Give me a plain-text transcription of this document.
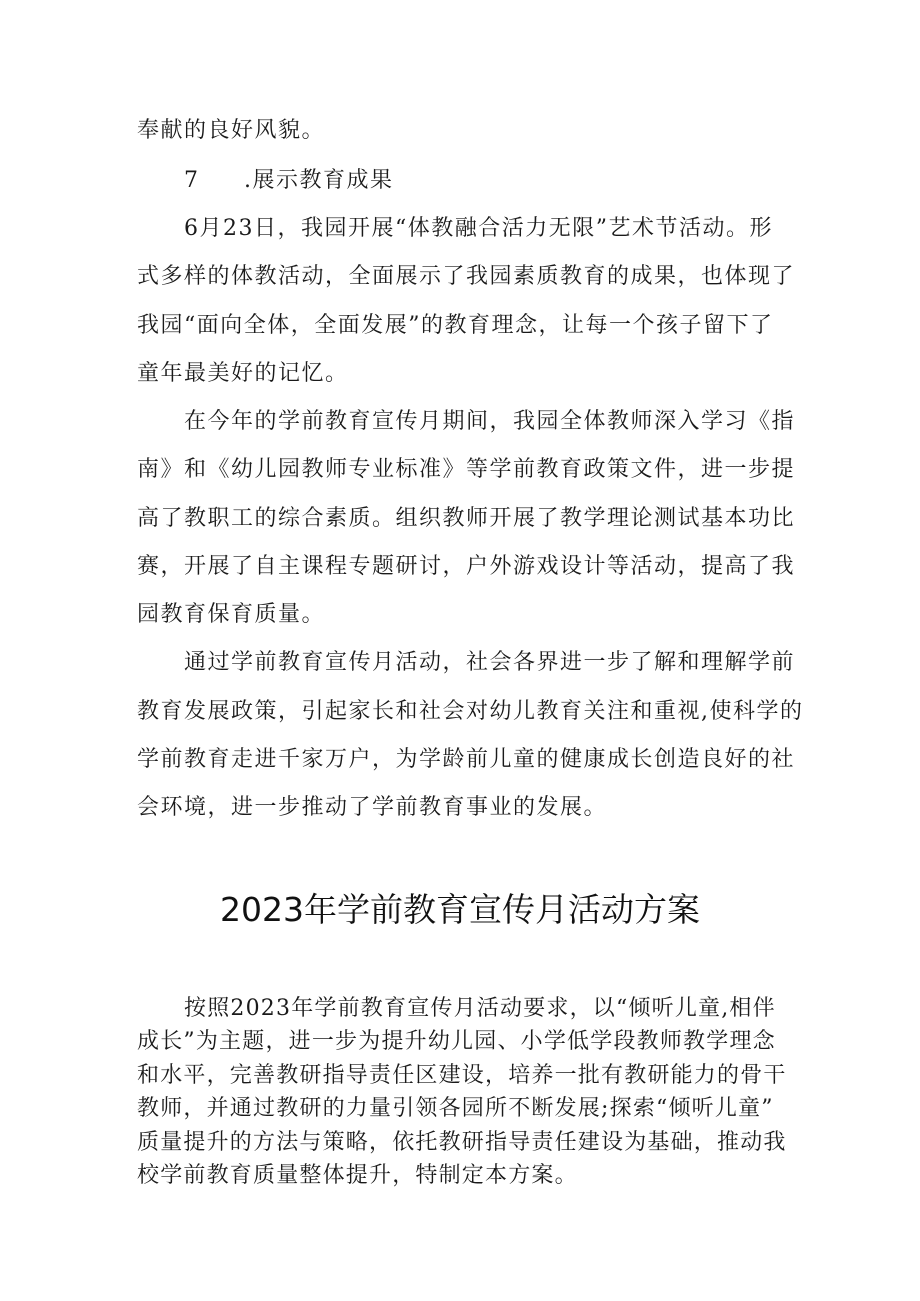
奉献的良好风貌。
7 .展示教育成果
6月23日，我园开展“体教融合活力无限”艺术节活动。形
式多样的体教活动，全面展示了我园素质教育的成果，也体现了
我园“面向全体，全面发展”的教育理念，让每一个孩子留下了
童年最美好的记忆。
在今年的学前教育宣传月期间，我园全体教师深入学习《指
南》和《幼儿园教师专业标准》等学前教育政策文件，进一步提
高了教职工的综合素质。组织教师开展了教学理论测试基本功比
赛，开展了自主课程专题研讨，户外游戏设计等活动，提高了我
园教育保育质量。
通过学前教育宣传月活动，社会各界进一步了解和理解学前
教育发展政策，引起家长和社会对幼儿教育关注和重视,使科学的
学前教育走进千家万户，为学龄前儿童的健康成长创造良好的社
会环境，进一步推动了学前教育事业的发展。
2023年学前教育宣传月活动方案
按照2023年学前教育宣传月活动要求，以“倾听儿童,相伴
成长”为主题，进一步为提升幼儿园、小学低学段教师教学理念
和水平，完善教研指导责任区建设，培养一批有教研能力的骨干
教师，并通过教研的力量引领各园所不断发展;探索“倾听儿童”
质量提升的方法与策略，依托教研指导责任建设为基础，推动我
校学前教育质量整体提升，特制定本方案。
